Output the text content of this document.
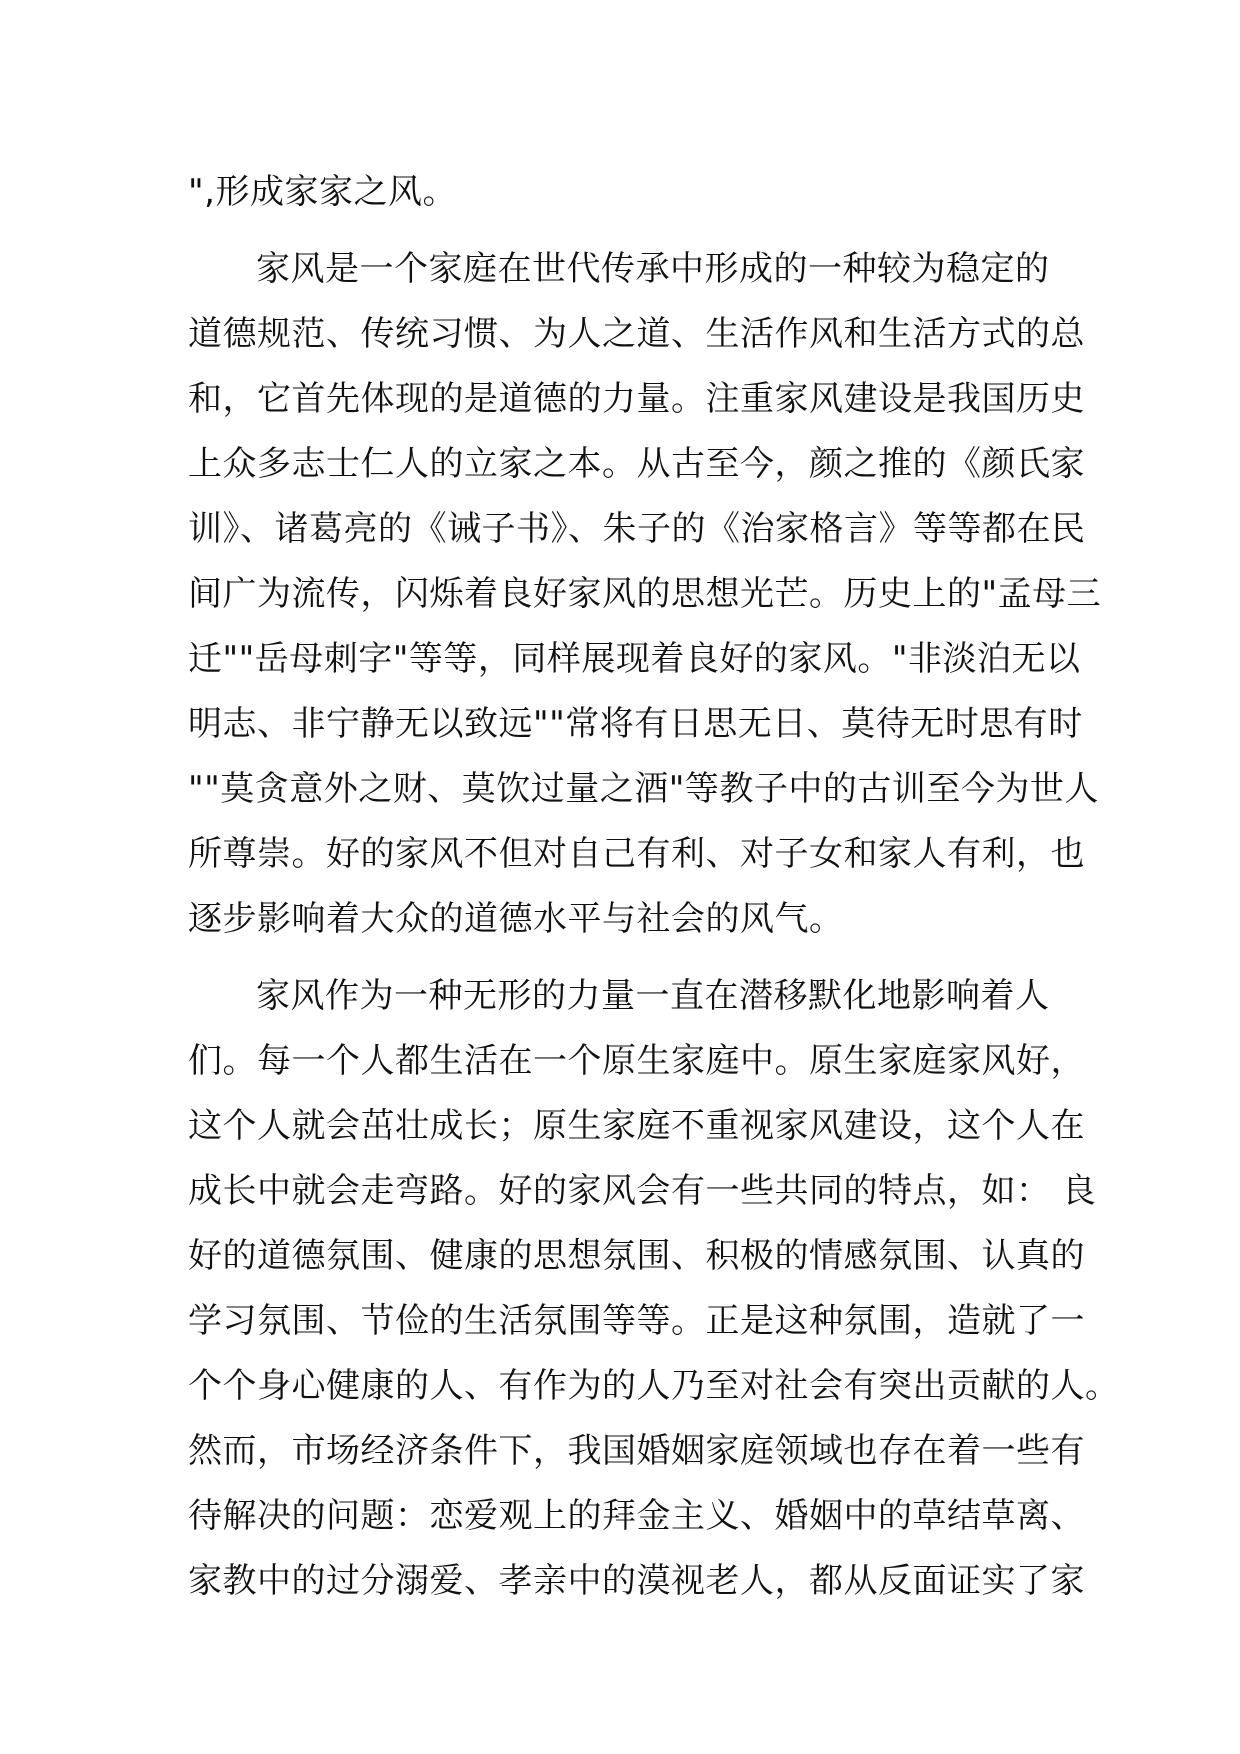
",形成家家之风。
家风是一个家庭在世代传承中形成的一种较为稳定的
道德规范、传统习惯、为人之道、生活作风和生活方式的总
和，它首先体现的是道德的力量。注重家风建设是我国历史
上众多志士仁人的立家之本。从古至今，颜之推的《颜氏家
训》、诸葛亮的《诫子书》、朱子的《治家格言》等等都在民
间广为流传，闪烁着良好家风的思想光芒。历史上的"孟母三
迁""岳母刺字"等等，同样展现着良好的家风。"非淡泊无以
明志、非宁静无以致远""常将有日思无日、莫待无时思有时
""莫贪意外之财、莫饮过量之酒"等教子中的古训至今为世人
所尊崇。好的家风不但对自己有利、对子女和家人有利，也
逐步影响着大众的道德水平与社会的风气。
家风作为一种无形的力量一直在潜移默化地影响着人
们。每一个人都生活在一个原生家庭中。原生家庭家风好，
这个人就会茁壮成长；原生家庭不重视家风建设，这个人在
成长中就会走弯路。好的家风会有一些共同的特点，如： 良
好的道德氛围、健康的思想氛围、积极的情感氛围、认真的
学习氛围、节俭的生活氛围等等。正是这种氛围，造就了一
个个身心健康的人、有作为的人乃至对社会有突出贡献的人。
然而，市场经济条件下，我国婚姻家庭领域也存在着一些有
待解决的问题：恋爱观上的拜金主义、婚姻中的草结草离、
家教中的过分溺爱、孝亲中的漠视老人，都从反面证实了家
